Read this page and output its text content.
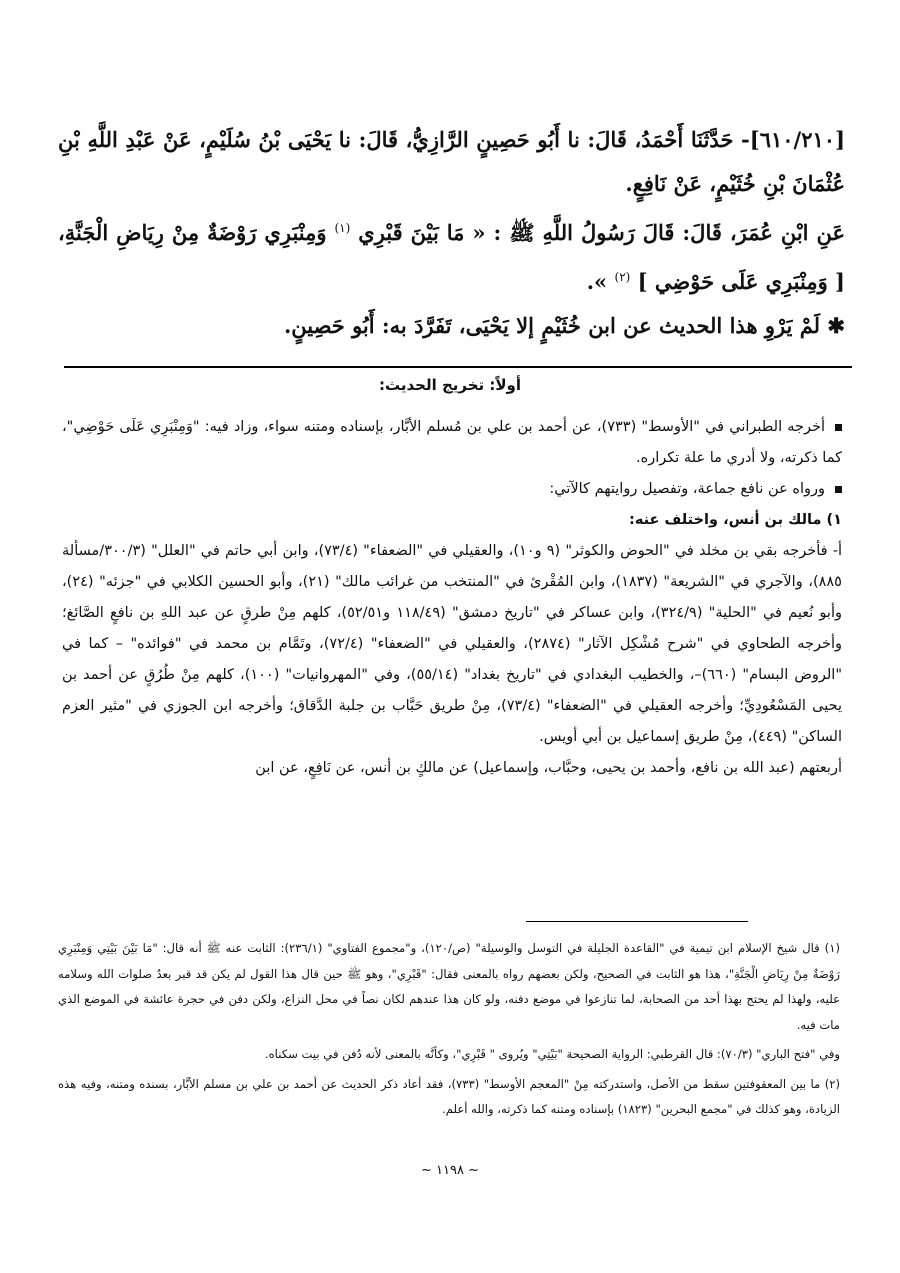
[٦١٠/٢١٠]- حَدَّثَنَا أَحْمَدُ، قَالَ: نا أَبُو حَصِينٍ الرَّازِيُّ، قَالَ: نا يَحْيَى بْنُ سُلَيْمٍ، عَنْ عَبْدِ اللَّهِ بْنِ عُثْمَانَ بْنِ خُثَيْمٍ، عَنْ نَافِعٍ.

عَنِ ابْنِ عُمَرَ، قَالَ: قَالَ رَسُولُ اللَّهِ ﷺ : « مَا بَيْنَ قَبْرِي $^{(١)}$ وَمِنْبَرِي رَوْضَةٌ مِنْ رِيَاضِ الْجَنَّةِ، [ وَمِنْبَرِي عَلَى حَوْضِي ] $^{(٢)}$ ».

✱ لَمْ يَرْوِ هذا الحديث عن ابن خُثَيْمٍ إلا يَحْيَى، تَفَرَّدَ به: أَبُو حَصِينٍ.

أولاً: تخريج الحديث:

أخرجه الطبراني في "الأوسط" (٧٣٣)، عن أحمد بن علي بن مُسلم الأبَّار، بإسناده ومتنه سواء، وزاد فيه: "وَمِنْبَرِي عَلَى حَوْضِي"، كما ذكرته، ولا أدري ما علة تكراره.

ورواه عن نافع جماعة، وتفصيل روايتهم كالآتي:

١) مالك بن أنس، واختلف عنه:

أ- فأخرجه بقي بن مخلد في "الحوض والكوثر" (٩ و١٠)، والعقيلي في "الضعفاء" (٧٣/٤)، وابن أبي حاتم في "العلل" (٣٠٠/٣/مسألة ٨٨٥)، والآجري في "الشريعة" (١٨٣٧)، وابن المُقْرئ في "المنتخب من غرائب مالك" (٢١)، وأبو الحسين الكلابي في "جزئه" (٢٤)، وأبو نُعيم في "الحلية" (٣٢٤/٩)، وابن عساكر في "تاريخ دمشق" (١١٨/٤٩ و٥٢/٥١)، كلهم مِنْ طرقٍ عن عبد اللهِ بن نافعٍ الصَّائغ؛ وأخرجه الطحاوي في "شرح مُشْكِل الآثار" (٢٨٧٤)، والعقيلي في "الضعفاء" (٧٢/٤)، وتَمَّام بن محمد في "فوائده" – كما في "الروض البسام" (٦٦٠)–، والخطيب البغدادي في "تاريخ بغداد" (٥٥/١٤)، وفي "المهروانيات" (١٠٠)، كلهم مِنْ طُرُقٍ عن أحمد بن يحيى المَسْعُودِيِّ؛ وأخرجه العقيلي في "الضعفاء" (٧٣/٤)، مِنْ طريق حَبَّاب بن جلبة الدَّقاق؛ وأخرجه ابن الجوزي في "مثير العزم الساكن" (٤٤٩)، مِنْ طريق إسماعيل بن أبي أويس.

أربعتهم (عبد الله بن نافع، وأحمد بن يحيى، وحبَّاب، وإسماعيل) عن مالكٍ بن أنس، عن نَافِعٍ، عن ابن

(١) قال شيخ الإسلام ابن تيمية في "القاعدة الجليلة في التوسل والوسيلة" (ص/١٢٠)، و"مجموع الفتاوي" (٢٣٦/١): الثابت عنه ﷺ أنه قال: "مَا بَيْنَ بَيْتِي وَمِنْبَرِي رَوْضَةٌ مِنْ رِيَاضِ الْجَنَّةِ"، هذا هو الثابت في الصحيح، ولكن بعضهم رواه بالمعنى فقال: "قَبْرِي"، وهو ﷺ حين قال هذا القول لم يكن قد قبر بعدُ صلوات الله وسلامه عليه، ولهذا لم يحتج بهذا أحد من الصحابة، لما تنازعوا في موضع دفنه، ولو كان هذا عندهم لكان نصاً في محل النزاع، ولكن دفن في حجرة عائشة في الموضع الذي مات فيه.

وفي "فتح الباري" (٧٠/٣): قال القرطبي: الرواية الصحيحة "بَيْتِي" ويُروى " قَبْرِي"، وكأنَّه بالمعنى لأنه دُفن في بيت سكناه.

(٢) ما بين المعقوفتين سقط من الأصل، واستدركته مِنْ "المعجم الأوسط" (٧٣٣)، فقد أعاد ذكر الحديث عن أحمد بن علي بن مسلم الأبَّار، بسنده ومتنه، وفيه هذه الزيادة، وهو كذلك في "مجمع البحرين" (١٨٢٣) بإسناده ومتنه كما ذكرته، والله أعلم.

~ ١١٩٨ ~
